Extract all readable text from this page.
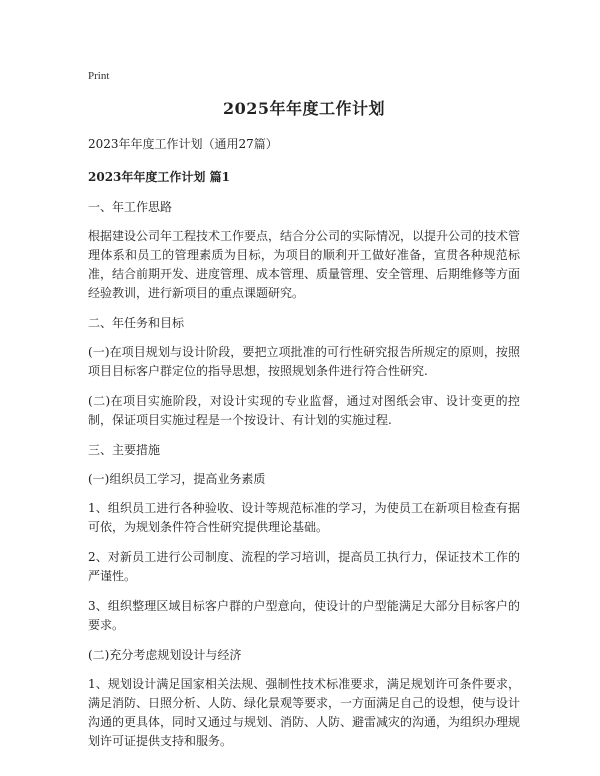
Print
2025年年度工作计划
2023年年度工作计划（通用27篇）
2023年年度工作计划 篇1
一、年工作思路
根据建设公司年工程技术工作要点，结合分公司的实际情况，以提升公司的技术管理体系和员工的管理素质为目标，为项目的顺利开工做好准备，宣贯各种规范标准，结合前期开发、进度管理、成本管理、质量管理、安全管理、后期维修等方面经验教训，进行新项目的重点课题研究。
二、年任务和目标
(一)在项目规划与设计阶段，要把立项批准的可行性研究报告所规定的原则，按照项目目标客户群定位的指导思想，按照规划条件进行符合性研究.
(二)在项目实施阶段，对设计实现的专业监督，通过对图纸会审、设计变更的控制，保证项目实施过程是一个按设计、有计划的实施过程.
三、主要措施
(一)组织员工学习，提高业务素质
1、组织员工进行各种验收、设计等规范标准的学习，为使员工在新项目检查有据可依，为规划条件符合性研究提供理论基础。
2、对新员工进行公司制度、流程的学习培训，提高员工执行力，保证技术工作的严谨性。
3、组织整理区域目标客户群的户型意向，使设计的户型能满足大部分目标客户的要求。
(二)充分考虑规划设计与经济
1、规划设计满足国家相关法规、强制性技术标准要求，满足规划许可条件要求，满足消防、日照分析、人防、绿化景观等要求，一方面满足自己的设想，使与设计沟通的更具体，同时又通过与规划、消防、人防、避雷减灾的沟通，为组织办理规划许可证提供支持和服务。
